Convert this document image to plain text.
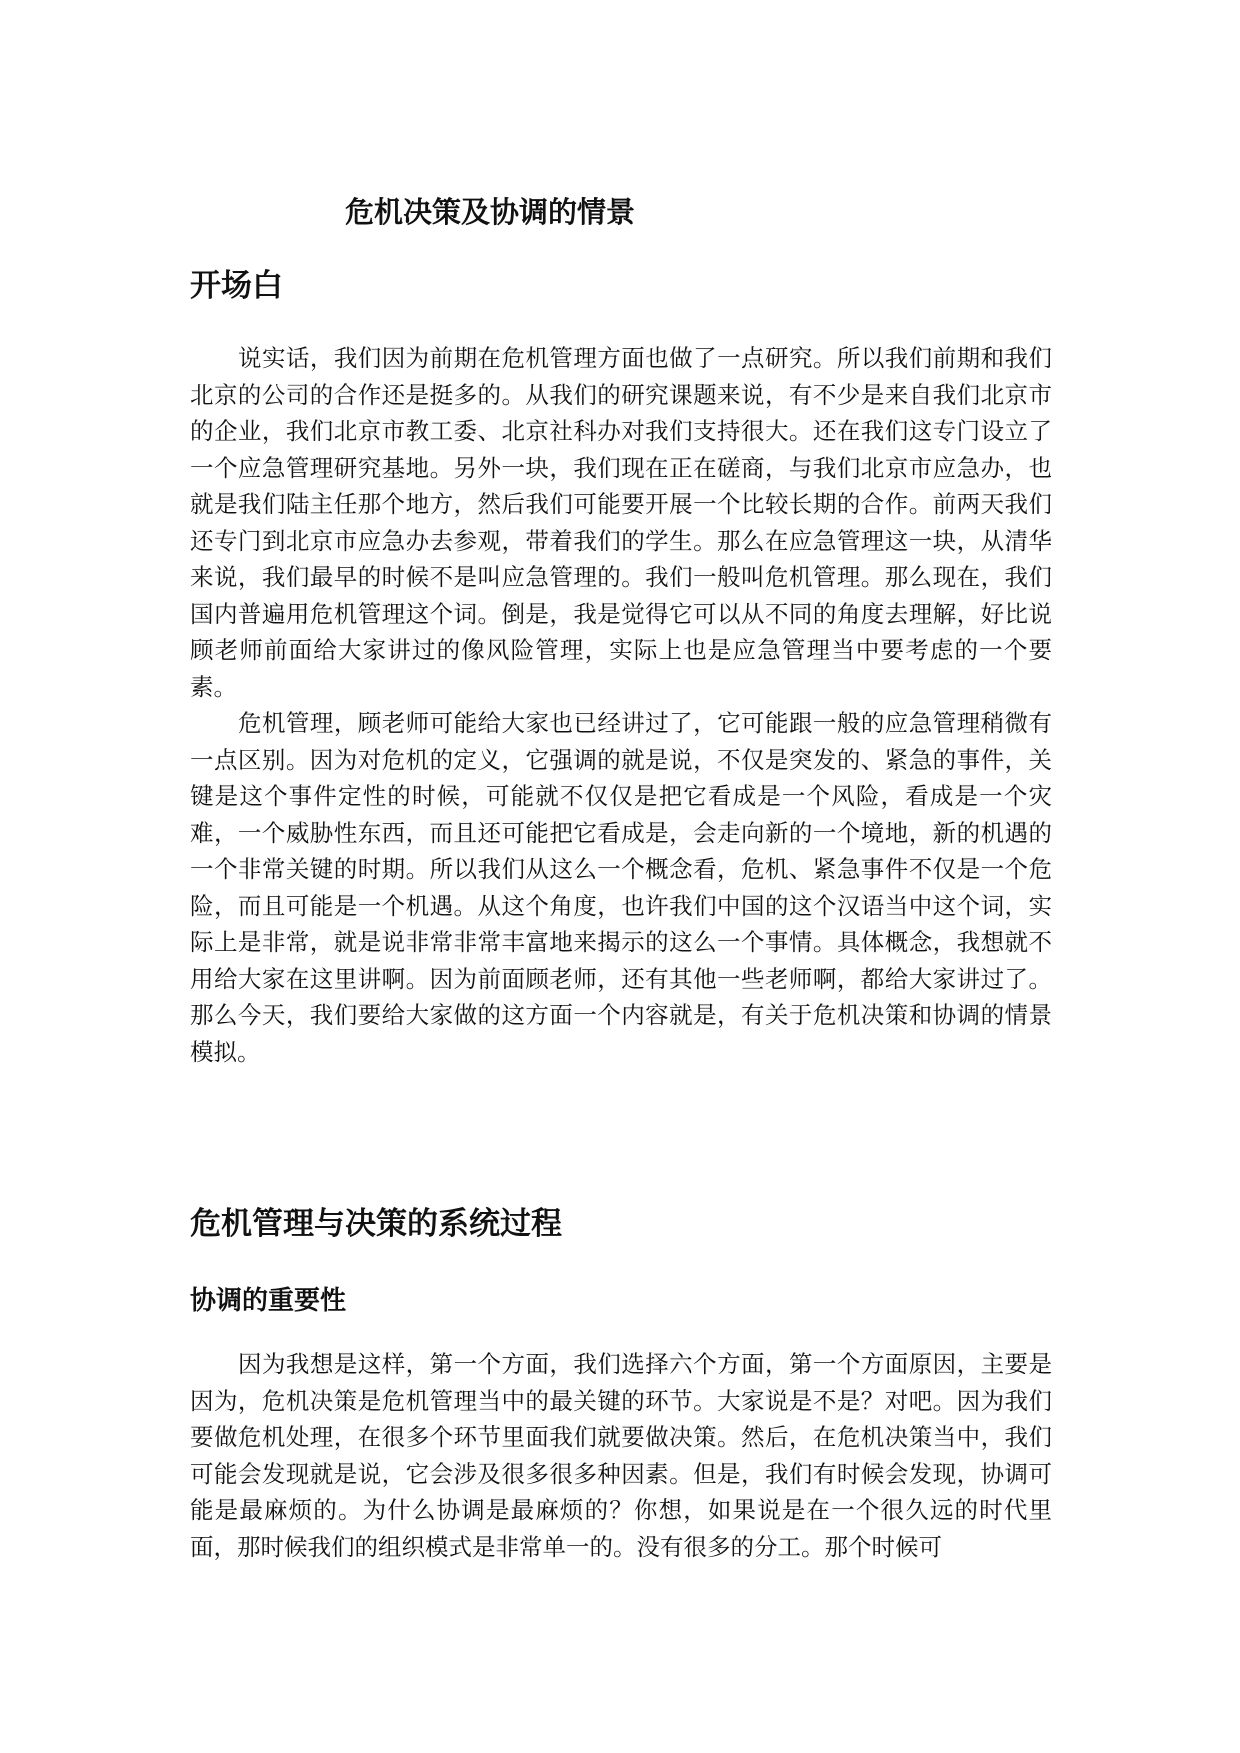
危机决策及协调的情景
开场白

说实话，我们因为前期在危机管理方面也做了一点研究。所以我们前期和我们北京的公司的合作还是挺多的。从我们的研究课题来说，有不少是来自我们北京市的企业，我们北京市教工委、北京社科办对我们支持很大。还在我们这专门设立了一个应急管理研究基地。另外一块，我们现在正在磋商，与我们北京市应急办，也就是我们陆主任那个地方，然后我们可能要开展一个比较长期的合作。前两天我们还专门到北京市应急办去参观，带着我们的学生。那么在应急管理这一块，从清华来说，我们最早的时候不是叫应急管理的。我们一般叫危机管理。那么现在，我们国内普遍用危机管理这个词。倒是，我是觉得它可以从不同的角度去理解，好比说顾老师前面给大家讲过的像风险管理，实际上也是应急管理当中要考虑的一个要素。

危机管理，顾老师可能给大家也已经讲过了，它可能跟一般的应急管理稍微有一点区别。因为对危机的定义，它强调的就是说，不仅是突发的、紧急的事件，关键是这个事件定性的时候，可能就不仅仅是把它看成是一个风险，看成是一个灾难，一个威胁性东西，而且还可能把它看成是，会走向新的一个境地，新的机遇的一个非常关键的时期。所以我们从这么一个概念看，危机、紧急事件不仅是一个危险，而且可能是一个机遇。从这个角度，也许我们中国的这个汉语当中这个词，实际上是非常，就是说非常非常丰富地来揭示的这么一个事情。具体概念，我想就不用给大家在这里讲啊。因为前面顾老师，还有其他一些老师啊，都给大家讲过了。那么今天，我们要给大家做的这方面一个内容就是，有关于危机决策和协调的情景模拟。

危机管理与决策的系统过程
协调的重要性

因为我想是这样，第一个方面，我们选择六个方面，第一个方面原因，主要是因为，危机决策是危机管理当中的最关键的环节。大家说是不是？对吧。因为我们要做危机处理，在很多个环节里面我们就要做决策。然后，在危机决策当中，我们可能会发现就是说，它会涉及很多很多种因素。但是，我们有时候会发现，协调可能是最麻烦的。为什么协调是最麻烦的？你想，如果说是在一个很久远的时代里面，那时候我们的组织模式是非常单一的。没有很多的分工。那个时候可
